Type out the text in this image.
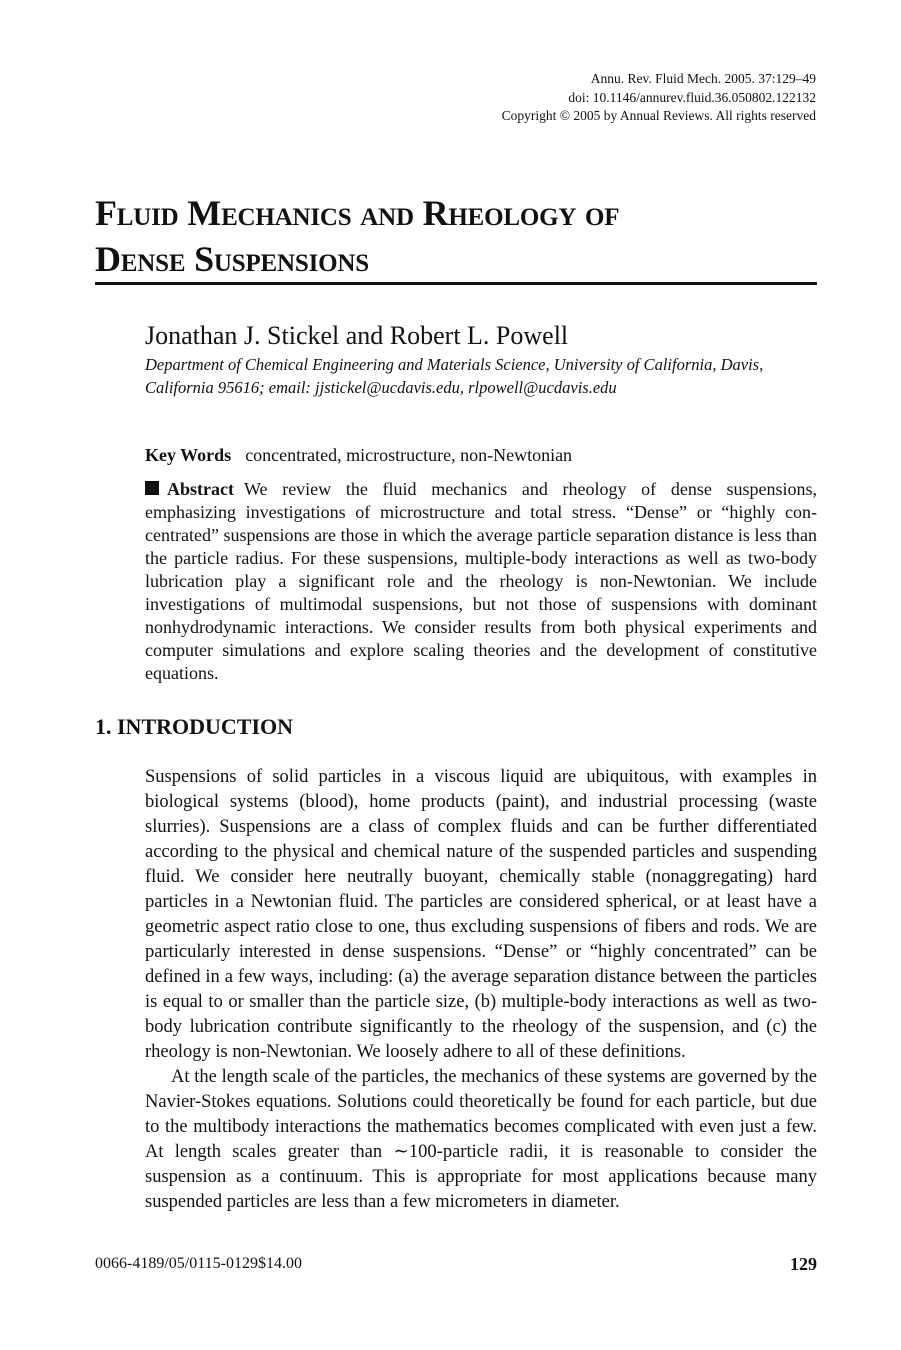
Annu. Rev. Fluid Mech. 2005. 37:129–49
doi: 10.1146/annurev.fluid.36.050802.122132
Copyright © 2005 by Annual Reviews. All rights reserved
Fluid Mechanics and Rheology of
Dense Suspensions
Jonathan J. Stickel and Robert L. Powell
Department of Chemical Engineering and Materials Science, University of California, Davis, California 95616; email: jjstickel@ucdavis.edu, rlpowell@ucdavis.edu
Key Words concentrated, microstructure, non-Newtonian
Abstract We review the fluid mechanics and rheology of dense suspensions, emphasizing investigations of microstructure and total stress. “Dense” or “highly concentrated” suspensions are those in which the average particle separation distance is less than the particle radius. For these suspensions, multiple-body interactions as well as two-body lubrication play a significant role and the rheology is non-Newtonian. We include investigations of multimodal suspensions, but not those of suspensions with dominant nonhydrodynamic interactions. We consider results from both physical experiments and computer simulations and explore scaling theories and the development of constitutive equations.
1. INTRODUCTION

Suspensions of solid particles in a viscous liquid are ubiquitous, with examples in biological systems (blood), home products (paint), and industrial processing (waste slurries). Suspensions are a class of complex fluids and can be further differentiated according to the physical and chemical nature of the suspended particles and suspending fluid. We consider here neutrally buoyant, chemically stable (nonaggregating) hard particles in a Newtonian fluid. The particles are considered spherical, or at least have a geometric aspect ratio close to one, thus excluding suspensions of fibers and rods. We are particularly interested in dense suspensions. “Dense” or “highly concentrated” can be defined in a few ways, including: (a) the average separation distance between the particles is equal to or smaller than the particle size, (b) multiple-body interactions as well as two-body lubrication contribute significantly to the rheology of the suspension, and (c) the rheology is non-Newtonian. We loosely adhere to all of these definitions.

At the length scale of the particles, the mechanics of these systems are governed by the Navier-Stokes equations. Solutions could theoretically be found for each particle, but due to the multibody interactions the mathematics becomes complicated with even just a few. At length scales greater than ∼100-particle radii, it is reasonable to consider the suspension as a continuum. This is appropriate for most applications because many suspended particles are less than a few micrometers in diameter.

0066-4189/05/0115-0129$14.00	129
